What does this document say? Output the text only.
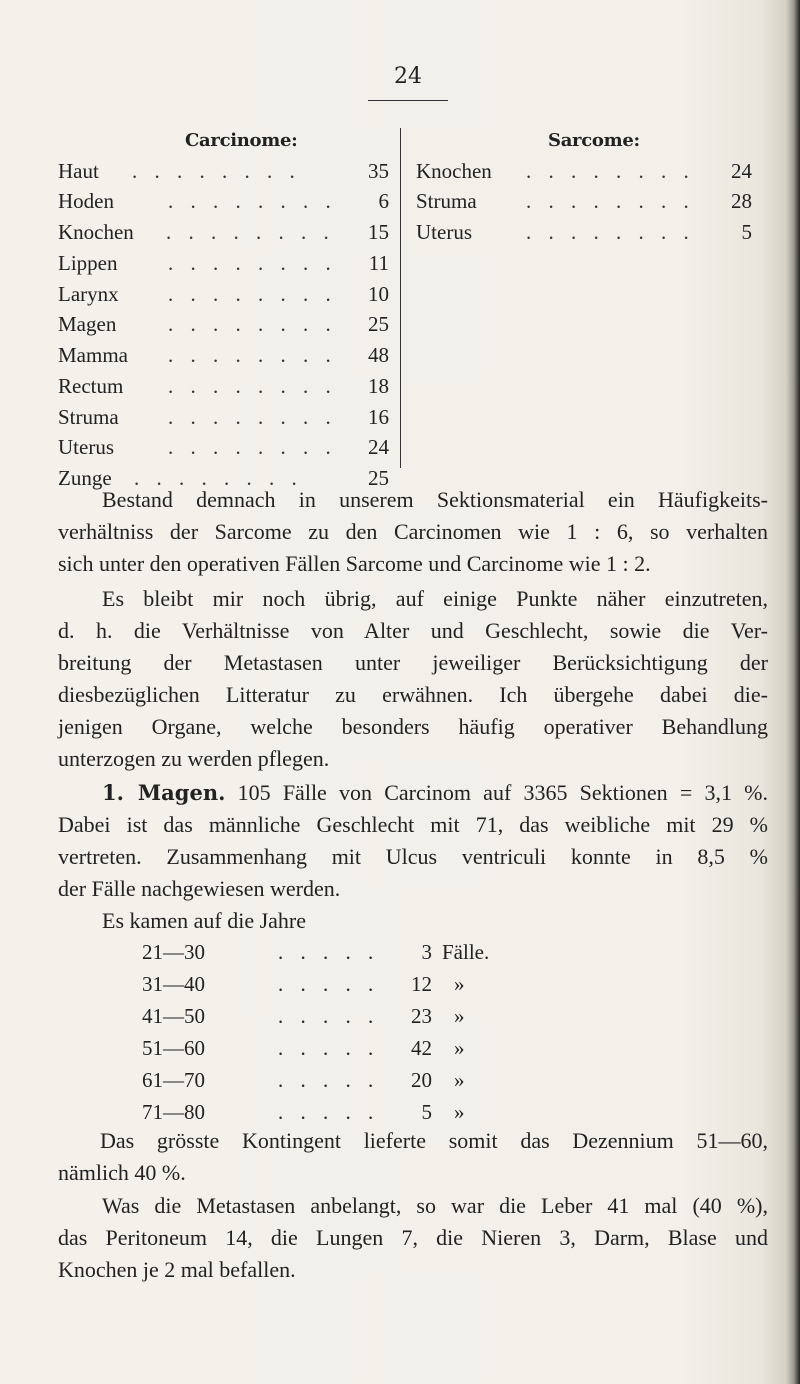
24
Carcinome:	Sarcome:
Haut . . . . . . . .	35
Hoden	. . . . . . . . 6
Knochen . . . . . . . . 15
Lippen . . . . . . . . 11
Larynx . . . . . . . . 10
Magen . . . . . . . . 25
Mamma . . . . . . . . 48
Rectum . . . . . . . . 18
Struma . . . . . . . . 16
Uterus	. . . . . . . . 24
Zunge . . . . . . . .	25
Knochen . . . . . . . . 24
Struma . . . . . . . . 28
Uterus	. . . . . . . . 5
Bestand demnach in unserem Sektionsmaterial ein Häufigkeits-
verhältniss der Sarcome zu den Carcinomen wie 1 : 6, so verhalten
sich unter den operativen Fällen Sarcome und Carcinome wie 1 : 2.
Es bleibt mir noch übrig, auf einige Punkte näher einzutreten,
d. h. die Verhältnisse von Alter und Geschlecht, sowie die Ver-
breitung der Metastasen unter jeweiliger Berücksichtigung der
diesbezüglichen Litteratur zu erwähnen. Ich übergehe dabei die-
jenigen Organe, welche besonders häufig operativer Behandlung
unterzogen zu werden pflegen.
1. Magen. 105 Fälle von Carcinom auf 3365 Sektionen = 3,1 %.
Dabei ist das männliche Geschlecht mit 71, das weibliche mit 29 %
vertreten. Zusammenhang mit Ulcus ventriculi konnte in 8,5 %
der Fälle nachgewiesen werden.
Es kamen auf die Jahre
21—30	. . . . .	3 Fälle.
31—40	. . . . .	12 »
41—50	. . . . .	23 »
51—60	. . . . .	42 »
61—70	. . . . .	20 »
71—80	. . . . .	5 »
Das grösste Kontingent lieferte somit das Dezennium 51—60,
nämlich 40 %.
Was die Metastasen anbelangt, so war die Leber 41 mal (40 %),
das Peritoneum 14, die Lungen 7, die Nieren 3, Darm, Blase und
Knochen je 2 mal befallen.
